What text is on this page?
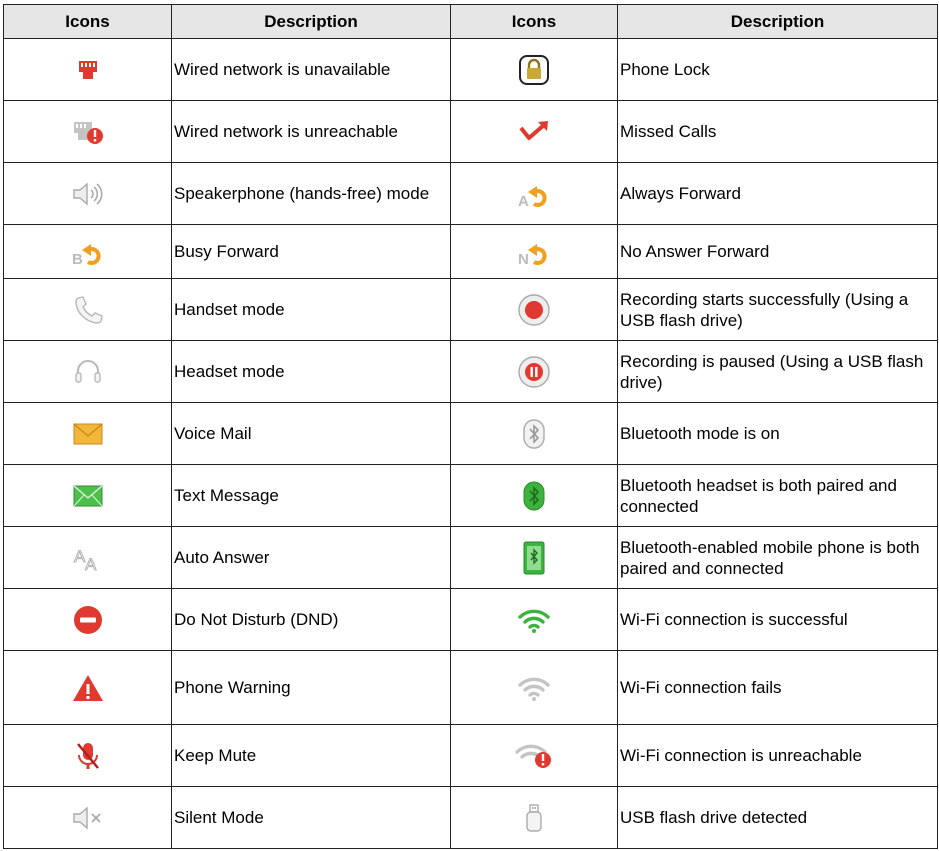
Icons	Description	Icons	Description

	Wired network is unavailable		Phone Lock

	Wired network is unreachable		Missed Calls

	Speakerphone (hands-free) mode	A	Always Forward

B	Busy Forward	N	No Answer Forward

	Handset mode		Recording starts successfully (Using a USB flash drive)

	Headset mode		Recording is paused (Using a USB flash drive)

	Voice Mail		Bluetooth mode is on

	Text Message		Bluetooth headset is both paired and connected

A A	Auto Answer		Bluetooth-enabled mobile phone is both paired and connected

	Do Not Disturb (DND)		Wi-Fi connection is successful

	Phone Warning		Wi-Fi connection fails

	Keep Mute		Wi-Fi connection is unreachable

	Silent Mode		USB flash drive detected
